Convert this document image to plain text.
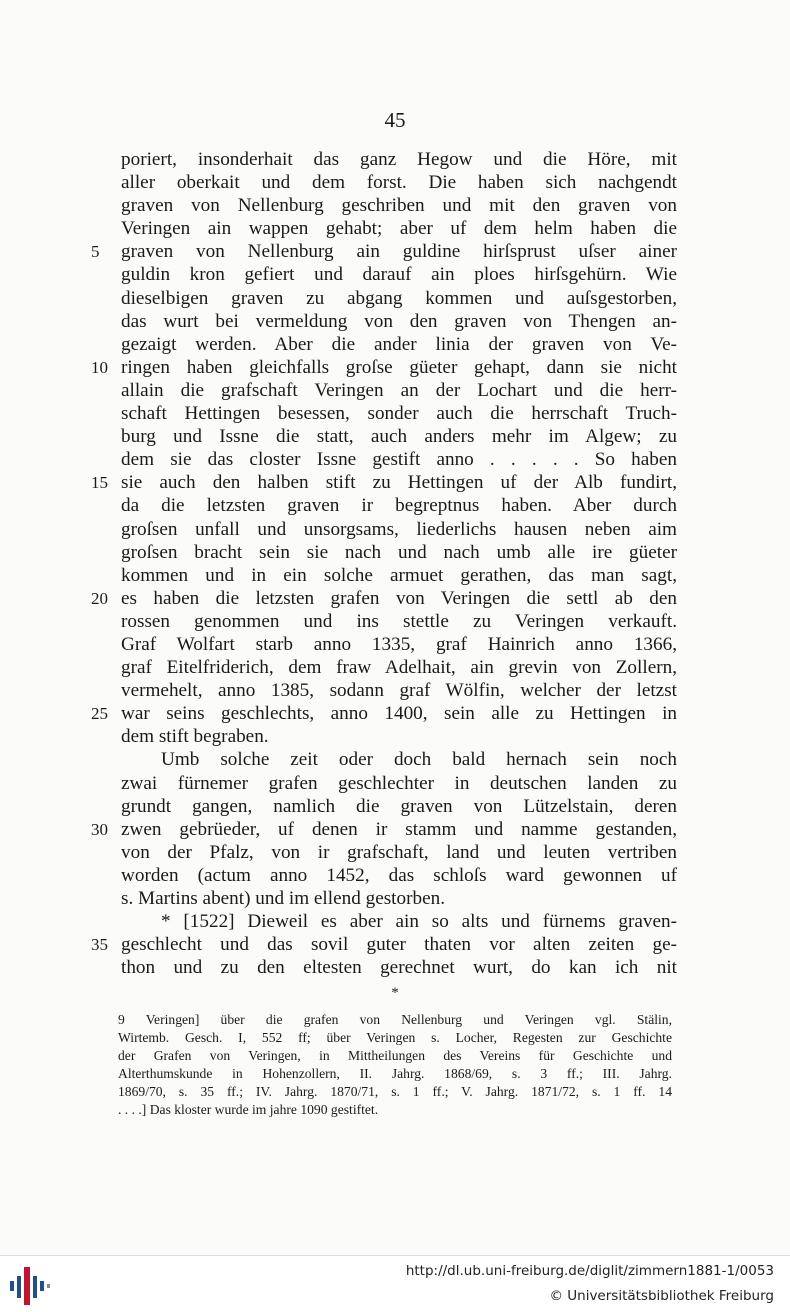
45
poriert, insonderhait das ganz Hegow und die Höre, mit
aller oberkait und dem forst. Die haben sich nachgendt
graven von Nellenburg geschriben und mit den graven von
Veringen ain wappen gehabt; aber uf dem helm haben die
5	graven von Nellenburg ain guldine hirſsprust uſser ainer
guldin kron gefiert und darauf ain ploes hirſsgehürn. Wie
dieselbigen graven zu abgang kommen und auſsgestorben,
das wurt bei vermeldung von den graven von Thengen an-
gezaigt werden. Aber die ander linia der graven von Ve-
10 ringen haben gleichfalls groſse güeter gehapt, dann sie nicht
allain die grafschaft Veringen an der Lochart und die herr-
schaft Hettingen besessen, sonder auch die herrschaft Truch-
burg und Issne die statt, auch anders mehr im Algew; zu
dem sie das closter Issne gestift anno . . . . . So haben
15 sie auch den halben stift zu Hettingen uf der Alb fundirt,
da die letzsten graven ir begreptnus haben. Aber durch
groſsen unfall und unsorgsams, liederlichs hausen neben aim
groſsen bracht sein sie nach und nach umb alle ire güeter
kommen und in ein solche armuet gerathen, das man sagt,
20 es haben die letzsten grafen von Veringen die settl ab den
rossen genommen und ins stettle zu Veringen verkauft.
Graf Wolfart starb anno 1335, graf Hainrich anno 1366,
graf Eitelfriderich, dem fraw Adelhait, ain grevin von Zollern,
vermehelt, anno 1385, sodann graf Wölfin, welcher der letzst
25 war seins geschlechts, anno 1400, sein alle zu Hettingen in
dem stift begraben.
Umb solche zeit oder doch bald hernach sein noch
zwai fürnemer grafen geschlechter in deutschen landen zu
grundt gangen, namlich die graven von Lützelstain, deren
30 zwen gebrüeder, uf denen ir stamm und namme gestanden,
von der Pfalz, von ir grafschaft, land und leuten vertriben
worden (actum anno 1452, das schloſs ward gewonnen uf
s. Martins abent) und im ellend gestorben.
* [1522] Dieweil es aber ain so alts und fürnems graven-
35 geschlecht und das sovil guter thaten vor alten zeiten ge-
thon und zu den eltesten gerechnet wurt, do kan ich nit
*
9 Veringen] über die grafen von Nellenburg und Veringen vgl. Stälin,
Wirtemb. Gesch. I, 552 ff; über Veringen s. Locher, Regesten zur Geschichte
der Grafen von Veringen, in Mittheilungen des Vereins für Geschichte und
Alterthumskunde in Hohenzollern, II. Jahrg. 1868/69, s. 3 ff.; III. Jahrg.
1869/70, s. 35 ff.; IV. Jahrg. 1870/71, s. 1 ff.; V. Jahrg. 1871/72, s. 1 ff. 14
. . . .] Das kloster wurde im jahre 1090 gestiftet.
http://dl.ub.uni-freiburg.de/diglit/zimmern1881-1/0053
© Universitätsbibliothek Freiburg
